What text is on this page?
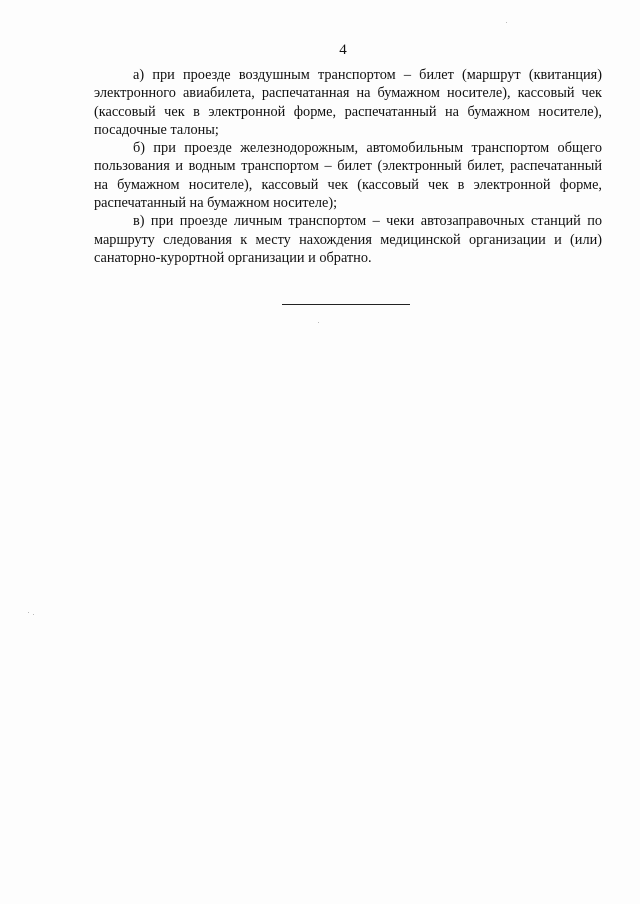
4

а) при проезде воздушным транспортом – билет (маршрут (квитанция) электронного авиабилета, распечатанная на бумажном носителе), кассовый чек (кассовый чек в электронной форме, распечатанный на бумажном носителе), посадочные талоны;

б) при проезде железнодорожным, автомобильным транспортом общего пользования и водным транспортом – билет (электронный билет, распечатанный на бумажном носителе), кассовый чек (кассовый чек в электронной форме, распечатанный на бумажном носителе);

в) при проезде личным транспортом – чеки автозаправочных станций по маршруту следования к месту нахождения медицинской организации и (или) санаторно-курортной организации и обратно.
